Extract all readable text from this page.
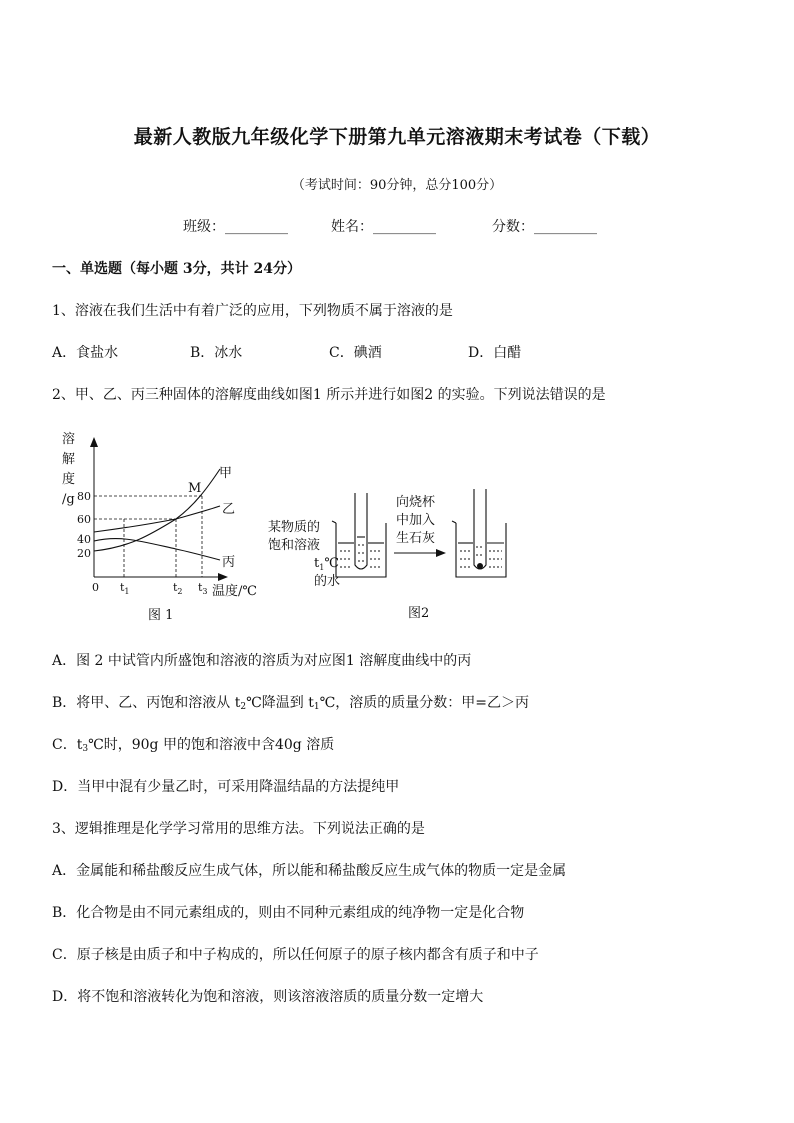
最新人教版九年级化学下册第九单元溶液期末考试卷（下载）
（考试时间：90分钟，总分100分）
班级：_________	姓名：_________	分数：_________
一、单选题（每小题 3分，共计 24分）
1、溶液在我们生活中有着广泛的应用，下列物质不属于溶液的是
A．食盐水	B．冰水	C．碘酒	D．白醋
2、甲、乙、丙三种固体的溶解度曲线如图1 所示并进行如图2 的实验。下列说法错误的是
溶
解
度
/g 80
60
40
20
0 $t_1$	$t_2$ $t_3$ 温度/℃
M
甲
乙
丙
图 1
某物质的
饱和溶液
$t_1℃$
的水
向烧杯
中加入
生石灰
图2
A．图 2 中试管内所盛饱和溶液的溶质为对应图1 溶解度曲线中的丙
B．将甲、乙、丙饱和溶液从 $t_2℃$降温到 $t_1℃$，溶质的质量分数：甲=乙＞丙
C．$t_3℃$时，90g 甲的饱和溶液中含40g 溶质
D．当甲中混有少量乙时，可采用降温结晶的方法提纯甲
3、逻辑推理是化学学习常用的思维方法。下列说法正确的是
A．金属能和稀盐酸反应生成气体，所以能和稀盐酸反应生成气体的物质一定是金属
B．化合物是由不同元素组成的，则由不同种元素组成的纯净物一定是化合物
C．原子核是由质子和中子构成的，所以任何原子的原子核内都含有质子和中子
D．将不饱和溶液转化为饱和溶液，则该溶液溶质的质量分数一定增大
